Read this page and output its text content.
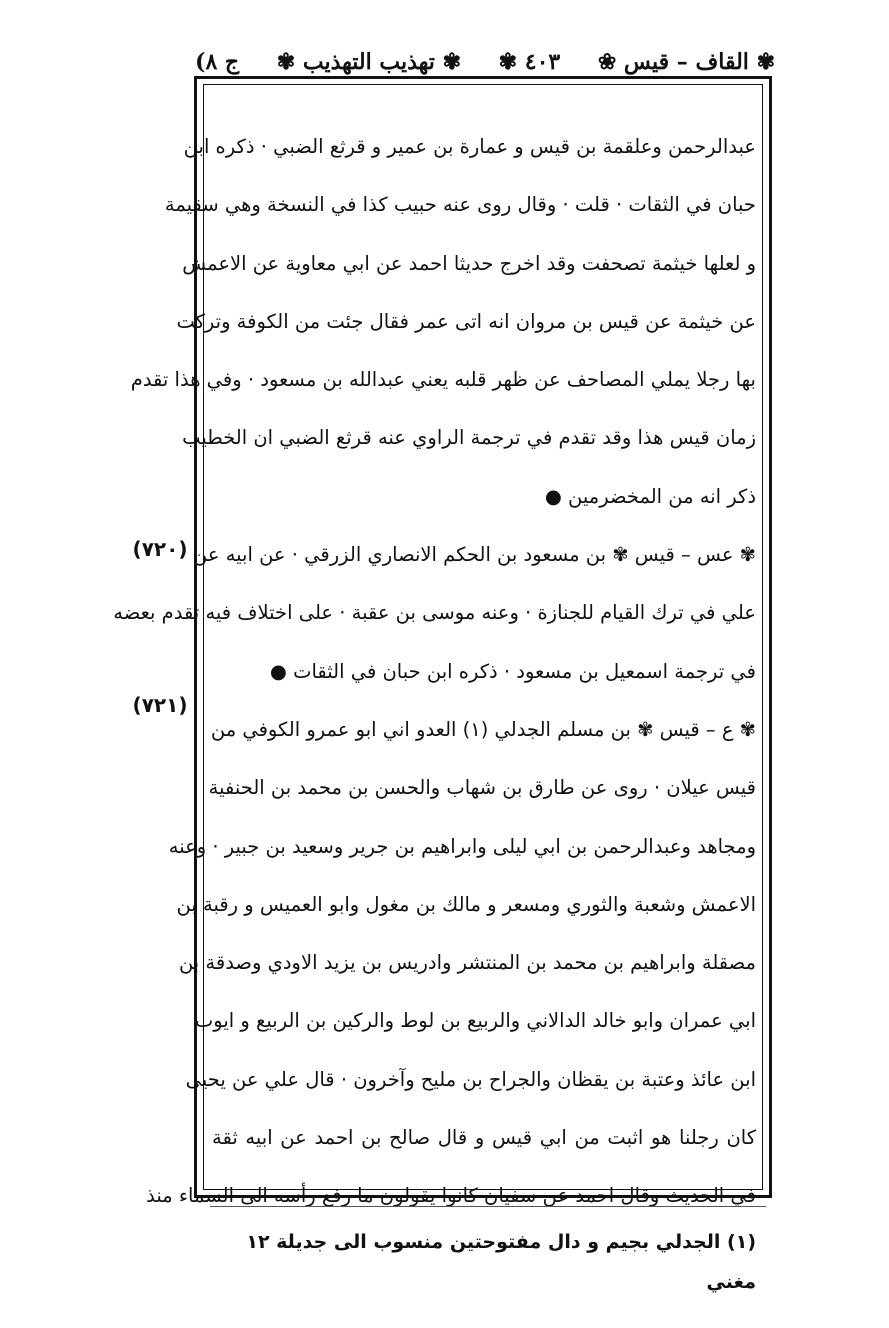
ج ٨)	✾ تهذيب التهذيب ✾	٤٠٣ ✾	✾ القاف – قيس ❀
عبدالرحمن وعلقمة بن قيس و عمارة بن عمير و قرثع الضبي · ذكره ابن
حبان في الثقات · قلت · وقال روى عنه حبيب كذا في النسخة وهي سقيمة
و لعلها خيثمة تصحفت وقد اخرج حديثا احمد عن ابي معاوية عن الاعمش
عن خيثمة عن قيس بن مروان انه اتى عمر فقال جئت من الكوفة وتركت
بها رجلا يملي المصاحف عن ظهر قلبه يعني عبدالله بن مسعود · وفي هذا تقدم
زمان قيس هذا وقد تقدم في ترجمة الراوي عنه قرثع الضبي ان الخطيب
ذكر انه من المخضرمين ●
✾ عس – قيس ✾ بن مسعود بن الحكم الانصاري الزرقي · عن ابيه عن
علي في ترك القيام للجنازة · وعنه موسى بن عقبة · على اختلاف فيه تقدم بعضه
في ترجمة اسمعيل بن مسعود · ذكره ابن حبان في الثقات ●
✾ ع – قيس ✾ بن مسلم الجدلي (١) العدو اني ابو عمرو الكوفي من
قيس عيلان · روى عن طارق بن شهاب والحسن بن محمد بن الحنفية
ومجاهد وعبدالرحمن بن ابي ليلى وابراهيم بن جرير وسعيد بن جبير · وعنه
الاعمش وشعبة والثوري ومسعر و مالك بن مغول وابو العميس و رقبة بن
مصقلة وابراهيم بن محمد بن المنتشر وادريس بن يزيد الاودي وصدقة بن
ابي عمران وابو خالد الدالاني والربيع بن لوط والركين بن الربيع و ايوب
ابن عائذ وعتبة بن يقظان والجراح بن مليح وآخرون · قال علي عن يحيى
كان رجلنا هو اثبت من ابي قيس و قال صالح بن احمد عن ابيه ثقة
في الحديث وقال احمد عن سفيان كانوا يقولون ما رفع رأسه الى السماء منذ
(٧٢٠)
(٧٢١)
(١) الجدلي بجيم و دال مفتوحتين منسوب الى جديلة ١٢ مغني
